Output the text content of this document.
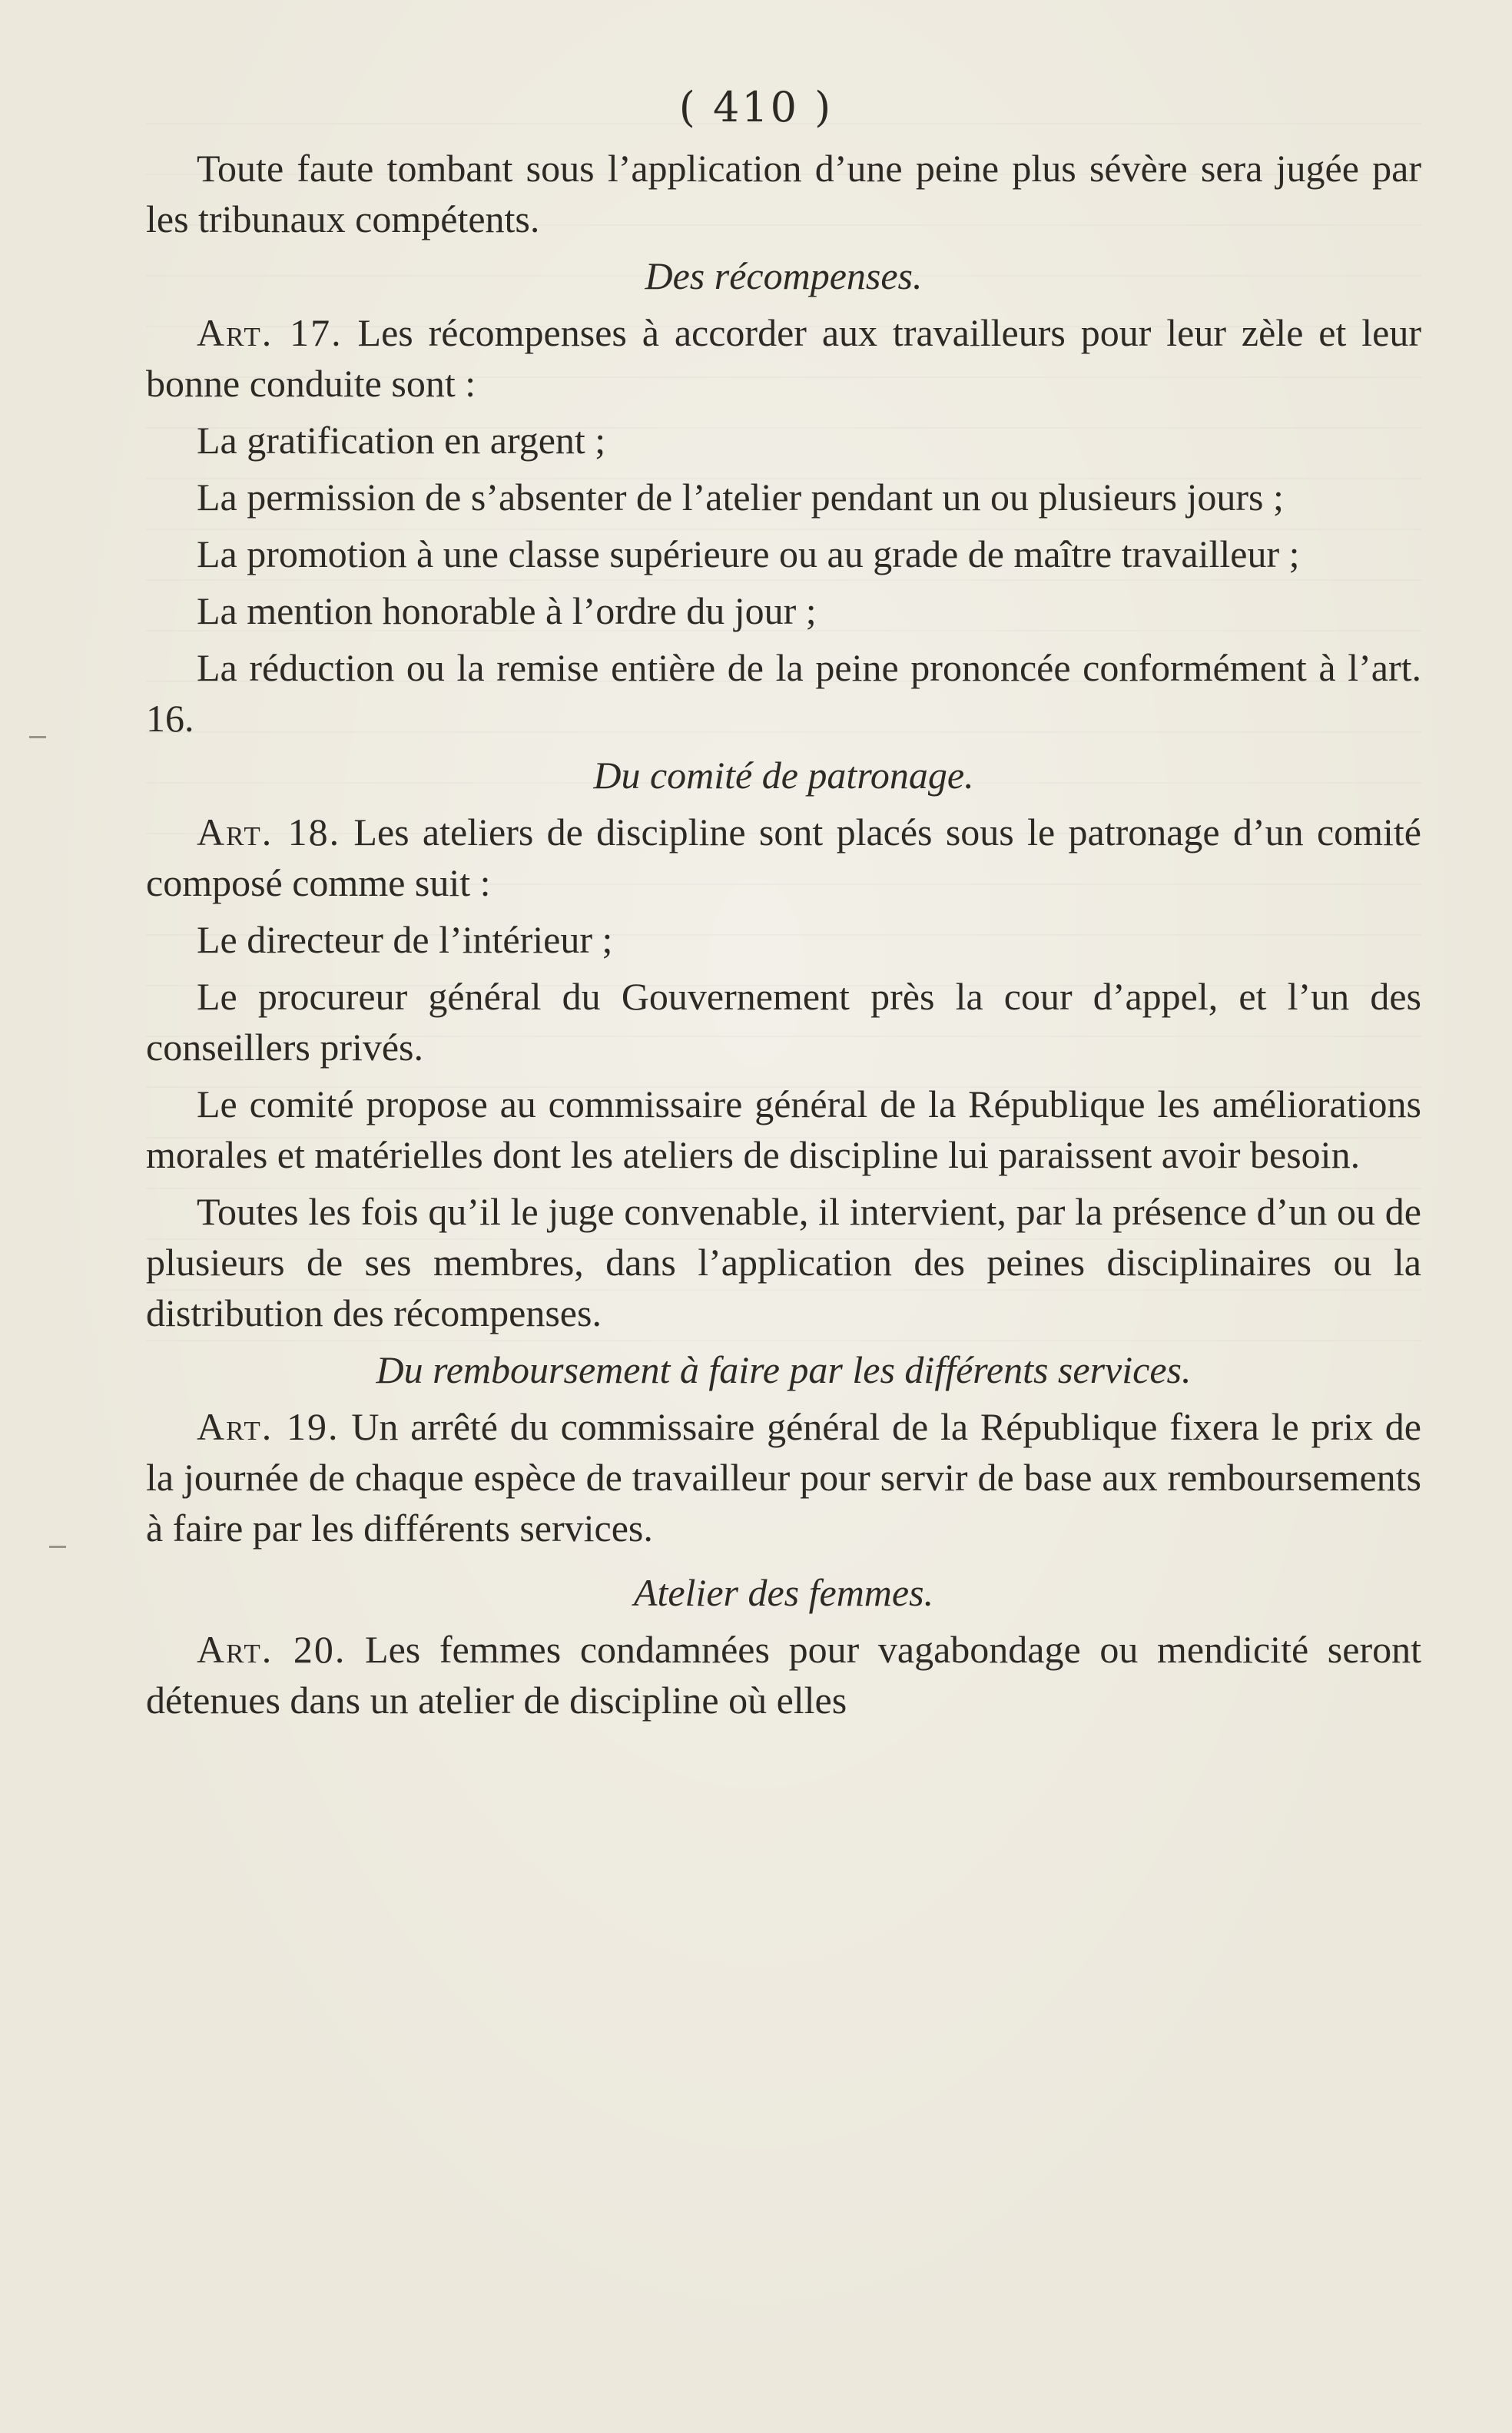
( 410 )

Toute faute tombant sous l’application d’une peine plus sévère sera jugée par les tribunaux compétents.

Des récompenses.

Art. 17. Les récompenses à accorder aux travailleurs pour leur zèle et leur bonne conduite sont :

La gratification en argent ;

La permission de s’absenter de l’atelier pendant un ou plusieurs jours ;

La promotion à une classe supérieure ou au grade de maître travailleur ;

La mention honorable à l’ordre du jour ;

La réduction ou la remise entière de la peine prononcée conformément à l’art. 16.

Du comité de patronage.

Art. 18. Les ateliers de discipline sont placés sous le patronage d’un comité composé comme suit :

Le directeur de l’intérieur ;

Le procureur général du Gouvernement près la cour d’appel, et l’un des conseillers privés.

Le comité propose au commissaire général de la République les améliorations morales et matérielles dont les ateliers de discipline lui paraissent avoir besoin.

Toutes les fois qu’il le juge convenable, il intervient, par la présence d’un ou de plusieurs de ses membres, dans l’application des peines disciplinaires ou la distribution des récompenses.

Du remboursement à faire par les différents services.

Art. 19. Un arrêté du commissaire général de la République fixera le prix de la journée de chaque espèce de travailleur pour servir de base aux remboursements à faire par les différents services.

Atelier des femmes.

Art. 20. Les femmes condamnées pour vagabondage ou mendicité seront détenues dans un atelier de discipline où elles
